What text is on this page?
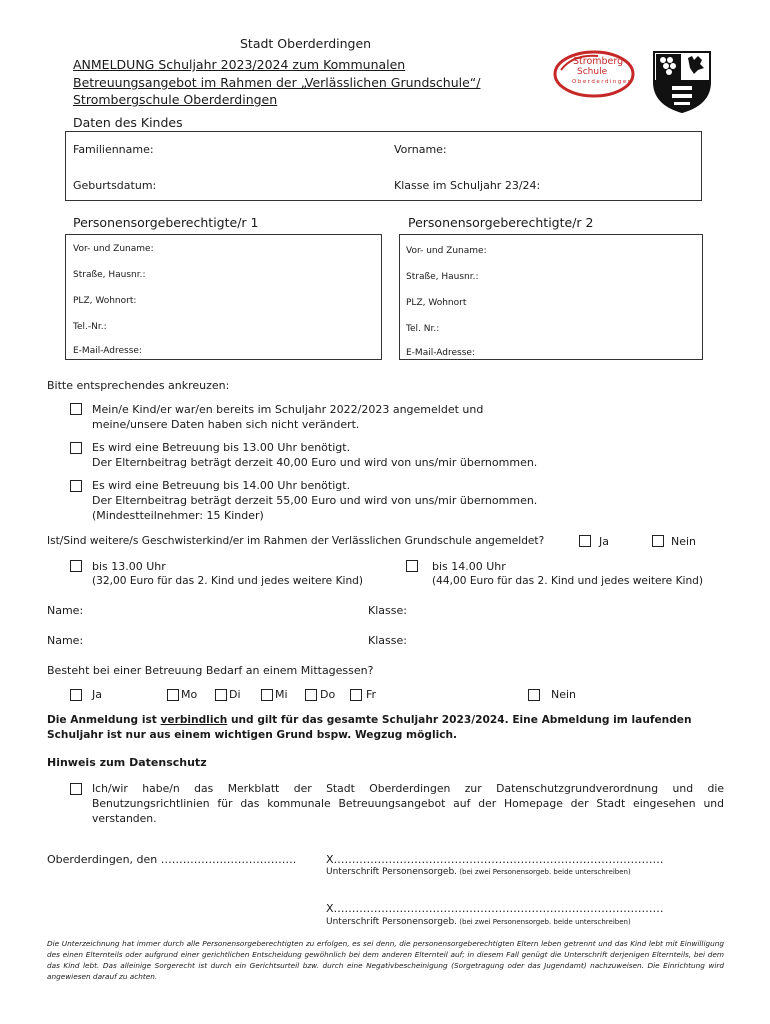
Stadt Oberderdingen
ANMELDUNG Schuljahr 2023/2024 zum Kommunalen
Betreuungsangebot im Rahmen der „Verlässlichen Grundschule“/
Strombergschule Oberderdingen
Stromberg
Schule
Oberderdingen
Daten des Kindes
Familienname:	Vorname:
Geburtsdatum:	Klasse im Schuljahr 23/24:
Personensorgeberechtigte/r 1
Vor- und Zuname:
Straße, Hausnr.:
PLZ, Wohnort:
Tel.-Nr.:
E-Mail-Adresse:
Personensorgeberechtigte/r 2
Vor- und Zuname:
Straße, Hausnr.:
PLZ, Wohnort
Tel. Nr.:
E-Mail-Adresse:
Bitte entsprechendes ankreuzen:
Mein/e Kind/er war/en bereits im Schuljahr 2022/2023 angemeldet und
meine/unsere Daten haben sich nicht verändert.
Es wird eine Betreuung bis 13.00 Uhr benötigt.
Der Elternbeitrag beträgt derzeit 40,00 Euro und wird von uns/mir übernommen.
Es wird eine Betreuung bis 14.00 Uhr benötigt.
Der Elternbeitrag beträgt derzeit 55,00 Euro und wird von uns/mir übernommen.
(Mindestteilnehmer: 15 Kinder)
Ist/Sind weitere/s Geschwisterkind/er im Rahmen der Verlässlichen Grundschule angemeldet?	Ja	Nein
bis 13.00 Uhr
(32,00 Euro für das 2. Kind und jedes weitere Kind)
bis 14.00 Uhr
(44,00 Euro für das 2. Kind und jedes weitere Kind)
Name:	Klasse:
Name:	Klasse:
Besteht bei einer Betreuung Bedarf an einem Mittagessen?
Ja	Mo	Di	Mi	Do	Fr	Nein
Die Anmeldung ist verbindlich und gilt für das gesamte Schuljahr 2023/2024. Eine Abmeldung im laufenden
Schuljahr ist nur aus einem wichtigen Grund bspw. Wegzug möglich.
Hinweis zum Datenschutz
Ich/wir habe/n das Merkblatt der Stadt Oberderdingen zur Datenschutzgrundverordnung und die Benutzungsrichtlinien für das kommunale Betreuungsangebot auf der Homepage der Stadt eingesehen und verstanden.
Oberderdingen, den ……………………………….	X………………………………………………………………………………
Unterschrift Personensorgeb. (bei zwei Personensorgeb. beide unterschreiben)
X………………………………………………………………………………
Unterschrift Personensorgeb. (bei zwei Personensorgeb. beide unterschreiben)
Die Unterzeichnung hat immer durch alle Personensorgeberechtigten zu erfolgen, es sei denn, die personensorgeberechtigten Eltern leben getrennt und das Kind lebt mit Einwilligung des einen Elternteils oder aufgrund einer gerichtlichen Entscheidung gewöhnlich bei dem anderen Elternteil auf; in diesem Fall genügt die Unterschrift derjenigen Elternteils, bei dem das Kind lebt. Das alleinige Sorgerecht ist durch ein Gerichtsurteil bzw. durch eine Negativbescheinigung (Sorgetragung oder das Jugendamt) nachzuweisen. Die Einrichtung wird angewiesen darauf zu achten.
